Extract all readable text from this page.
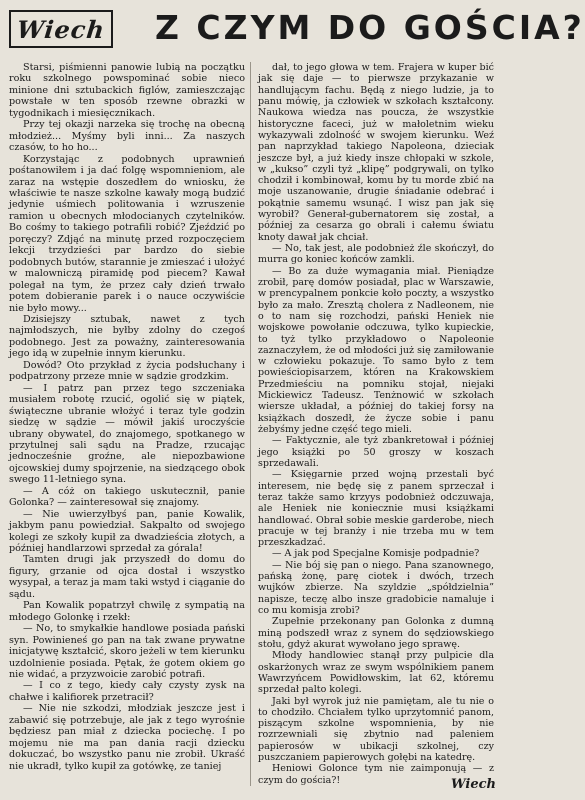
Wiech Z CZYM DO GOŚCIA?

Starsi, piśmienni panowie lubią na początku roku szkolnego powspominać sobie nieco minione dni sztubackich figlów, zamieszczając powstałe w ten sposób rzewne obrazki w tygodnikach i miesięcznikach.

Przy tej okazji narzeka się trochę na obecną młodzież... Myśmy byli inni... Za naszych czasów, to ho ho...

Korzystając z podobnych uprawnień pośtanowiłem i ja dać folgę wspomnieniom, ale zaraz na wstępie doszedłem do wniosku, że właściwie te nasze szkolne kawały mogą budzić jedynie uśmiech politowania i wzruszenie ramion u obecnych młodocianych czytelników. Bo cośmy to takiego potrafili robić? Zjeździć po poręczy? Zdjąć na minutę przed rozpoczęciem lekcji trzydzieści par bardzo do siebie podobnych butów, starannie je zmieszać i ułożyć w malowniczą piramidę pod piecem? Kawał polegał na tym, że przez cały dzień trwało potem dobieranie parek i o nauce oczywiście nie było mowy...

Dzisiejszy sztubak, nawet z tych najmłodszych, nie byłby zdolny do czegoś podobnego. Jest za poważny, zainteresowania jego idą w zupełnie innym kierunku.

Dowód? Oto przykład z życia podsłuchany i podpatrzony przeze mnie w sądzie grodzkim.

— I patrz pan przez tego szczeniaka musiałem robotę rzucić, ogolić się w piątek, świąteczne ubranie włożyć i teraz tyle godzin siedzę w sądzie — mówił jakiś uroczyście ubrany obywatel, do znajomego, spotkanego w przytulnej sali sądu na Pradze, rzucając jednocześnie groźne, ale niepozbawione ojcowskiej dumy spojrzenie, na siedzącego obok swego 11-letniego syna.

— A cóż on takiego uskutecznił, panie Golonka? — zainteresował się znajomy.

— Nie uwierzyłbyś pan, panie Kowalik, jakbym panu powiedział. Sakpalto od swojego kolegi ze szkoły kupił za dwadzieścia złotych, a później handlarzowi sprzedał za górala!

Tamten drugi jak przyszedł do domu do figury, grzanie od ojca dostał i wszystko wysypał, a teraz ja mam taki wstyd i ciąganie do sądu.

Pan Kowalik popatrzył chwilę z sympatią na młodego Golonkę i rzekł:

— No, to smykałkie handlowe posiada pański syn. Powinieneś go pan na tak zwane prywatne inicjatywę kształcić, skoro jeżeli w tem kierunku uzdolnienie posiada. Pętak, że gotem okiem go nie widać, a przyzwoicie zarobić potrafi.

— I co z tego, kiedy cały czysty zysk na chałwe i kalifiorek przetracił?

— Nie nie szkodzi, młodziak jeszcze jest i zabawić się potrzebuje, ale jak z tego wyrośnie będziesz pan miał z dziecka pociechę. I po mojemu nie ma pan dania racji dziecku dokuczać, bo wszystko panu nie zrobił. Ukraść nie ukradł, tylko kupił za gotówkę, ze taniej

dał, to jego głowa w tem. Frajera w kuper bić jak się daje — to pierwsze przykazanie w handlującym fachu. Będą z niego ludzie, ja to panu mówię, ja człowiek w szkołach kształcony. Naukowa wiedza nas poucza, że wszystkie historyczne faceci, już w małoletnim wieku wykazywali zdolność w swojem kierunku. Weź pan naprzykład takiego Napoleona, dzieciak jeszcze był, a już kiedy insze chłopaki w szkole, w „kukso” czyli tyż „klipę” podgrywali, on tylko chodził i kombinował, komu by tu morde zbić na moje uszanowanie, drugie śniadanie odebrać i pokątnie samemu wsunąć. I wisz pan jak się wyrobił? Generał-gubernatorem się został, a później za cesarza go obrali i całemu światu knoty dawał jak chciał.

— No, tak jest, ale podobnież źle skończył, do murra go koniec końców zamkli.

— Bo za duże wymagania miał. Pieniądze zrobił, parę domów posiadał, plac w Warszawie, w prencypalnem ponkcie koło poczty, a wszystko było za mało. Zresztą cholera z Nadleonem, nie o to nam się rozchodzi, pański Heniek nie wojskowe powołanie odczuwa, tylko kupieckie, to tyż tylko przykładowo o Napoleonie zaznaczyłem, że od młodości już się zamiłowanie w człowieku pokazuje. To samo było z tem powieściopisarzem, któren na Krakowskiem Przedmieściu na pomniku stojał, niejaki Mickiewicz Tadeusz. Tenżnowić w szkołach wiersze układał, a później do takiej forsy na książkach doszedł, że życze sobie i panu żebyśmy jedne część tego mieli.

— Faktycznie, ale tyż zbankretował i później jego książki po 50 groszy w koszach sprzedawali.

— Księgarnie przed wojną przestali być interesem, nie będę się z panem sprzeczał i teraz także samo krzyys podobnież odczuwaja, ale Heniek nie koniecznie musi książkami handlować. Obrał sobie meskie garderobe, niech pracuje w tej branży i nie trzeba mu w tem przeszkadzać.

— A jak pod Specjalne Komisje podpadnie?

— Nie bój się pan o niego. Pana szanownego, pańską żonę, parę ciotek i dwóch, trzech wujków zbierze. Na szyldzie „spółdzielnia” napisze, teczę albo insze gradobicie namaluje i co mu komisja zrobi?

Zupełnie przekonany pan Golonka z dumną miną podszedł wraz z synem do sędziowskiego stołu, gdyż akurat wywołano jego sprawę.

Młody handlowiec stanął przy pulpicie dla oskarżonych wraz ze swym wspólnikiem panem Wawrzyńcem Powidłowskim, lat 62, któremu sprzedał palto kolegi.

Jaki był wyrok już nie pamiętam, ale tu nie o to chodziło. Chciałem tylko uprzytomnić panom, piszącym szkolne wspomnienia, by nie rozrzewniali się zbytnio nad paleniem papierosów w ubikacji szkolnej, czy puszczaniem papierowych gołębi na katedrę.

Heniowi Golonce tym nie zaimponują — z czym do gościa?!	Wiech
